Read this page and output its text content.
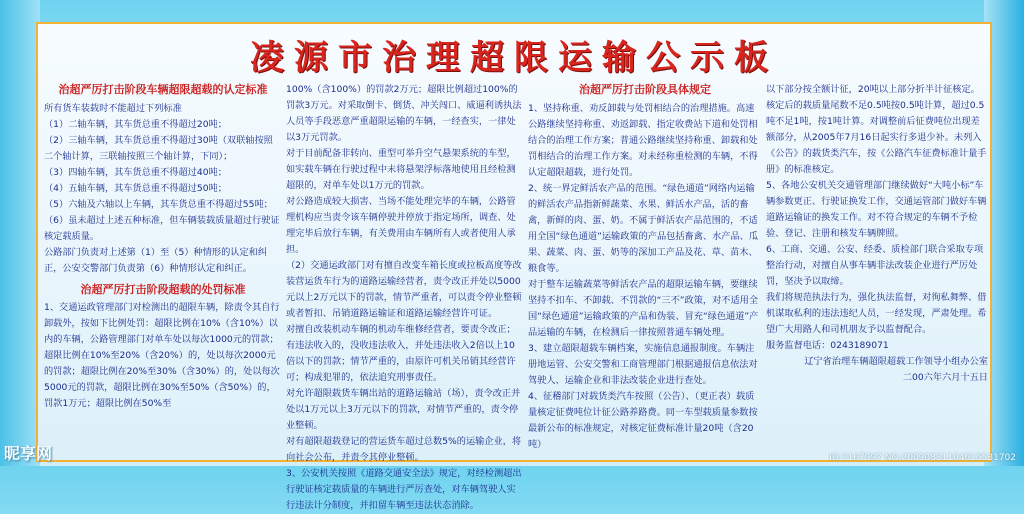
凌源市治理超限运输公示板
治超严厉打击阶段车辆超限超载的认定标准

所有货车装载时不能超过下列标准

（1）二轴车辆，其车货总重不得超过20吨；

（2）三轴车辆，其车货总重不得超过30吨（双联轴按照二个轴计算，三联轴按照三个轴计算，下同）；

（3）四轴车辆，其车货总重不得超过40吨；

（4）五轴车辆，其车货总重不得超过50吨；

（5）六轴及六轴以上车辆，其车货总重不得超过55吨；

（6）虽未超过上述五种标准，但车辆装载质量超过行驶证核定载质量。

公路部门负责对上述第（1）至（5）种情形的认定和纠正，公安交警部门负责第（6）种情形认定和纠正。

治超严厉打击阶段超载的处罚标准

1、交通运政管理部门对检测出的超限车辆，除责令其自行卸载外，按如下比例处罚：超限比例在10%（含10%）以内的车辆，公路管理部门对单车处以每次1000元的罚款；超限比例在10%至20%（含20%）的，处以每次2000元的罚款；超限比例在20%至30%（含30%）的，处以每次5000元的罚款，超限比例在30%至50%（含50%）的，罚款1万元；超限比例在50%至

100%（含100%）的罚款2万元；超限比例超过100%的罚款3万元。对采取倒卡、倒货、冲关闯口、威逼利诱执法人员等手段恶意严重超限运输的车辆，一经查实，一律处以3万元罚款。

对于目前配备非转向、重型可举升空气悬架系统的车型，如实载车辆在行驶过程中未将悬架浮标落地使用且经检测超限的，对单车处以1万元的罚款。

对公路造成较大损害、当场不能处理完毕的车辆，公路管理机构应当责令该车辆停驶并停放于指定场所，调查、处理完毕后放行车辆，有关费用由车辆所有人或者使用人承担。

（2）交通运政部门对有擅自改变车箱长度或拉板高度等改装营运货车行为的道路运输经营者，责令改正并处以5000元以上2万元以下的罚款，情节严重者，可以责令停业整顿或者暂扣、吊销道路运输证和道路运输经营许可证。

对擅自改装机动车辆的机动车维修经营者，要责令改正；有违法收入的，没收违法收入，并处违法收入2倍以上10倍以下的罚款；情节严重的，由原许可机关吊销其经营许可；构成犯罪的，依法追究刑事责任。

对允许超限载货车辆出站的道路运输站（场），责令改正并处以1万元以上3万元以下的罚款，对情节严重的，责令停业整顿。

对有超限超载登记的营运货车超过总数5%的运输企业，将向社会公布，并责令其停业整顿。

3、公安机关按照《道路交通安全法》规定，对经检测超出行驶证核定载质量的车辆进行严厉查处，对车辆驾驶人实行违法计分制度，并扣留车辆至违法状态消除。

治超严厉打击阶段具体规定

1、坚持称重、劝反卸载与处罚相结合的治理措施。高速公路继续坚持称重、劝返卸载、指定收费站下道和处罚相结合的治理工作方案；普通公路继续坚持称重、卸载和处罚相结合的治理工作方案。对未经称重检测的车辆，不得认定超限超载，进行处罚。

2、统一界定鲜活农产品的范围。“绿色通道”网络内运输的鲜活农产品指新鲜蔬菜、水果、鲜活水产品，活的畜禽，新鲜的肉、蛋、奶。不属于鲜活农产品范围的，不适用全国“绿色通道”运输政策的产品包括畜禽、水产品、瓜果、蔬菜、肉、蛋、奶等的深加工产品及花、草、苗木、粮食等。

对于整车运输蔬菜等鲜活农产品的超限运输车辆，要继续坚持不扣车、不卸载、不罚款的“三不”政策，对不适用全国“绿色通道”运输政策的产品和伪装、冒充“绿色通道”产品运输的车辆，在检测后一律按照普通车辆处理。

3、建立超限超载车辆档案，实施信息通报制度。车辆注册地运管、公安交警和工商管理部门根据通报信息依法对驾驶人、运输企业和非法改装企业进行查处。

4、征稽部门对载货类汽车按照（公告）、（更正表）载质量核定征费吨位计征公路养路费。同一车型载质量参数按最新公布的标准规定，对核定征费标准计量20吨（含20吨）

以下部分按全额计征，20吨以上部分折半计征核定。核定后的载质量尾数不足0.5吨按0.5吨计算，超过0.5吨不足1吨，按1吨计算。对调整前后征费吨位出现差额部分，从2005年7月16日起实行多退少补。未列入《公告》的载货类汽车，按《公路汽车征费标准计量手册》的标准核定。

5、各地公安机关交通管理部门继续做好“大吨小标”车辆参数更正、行驶证换发工作，交通运管部门做好车辆道路运输证的换发工作。对不符合规定的车辆不予检验、登记、注册和核发车辆牌照。

6、工商、交通、公安、经委、质检部门联合采取专项整治行动，对擅自从事车辆非法改装企业进行严厉处罚，坚决予以取缔。

我们将规范执法行为，强化执法监督，对徇私舞弊、借机谋取私利的违法违纪人员，一经发现，严肃处理。希望广大用路人和司机朋友予以监督配合。

服务监督电话：0243189071

辽宁省治理车辆超限超载工作领导小组办公室

二00六年六月十五日

昵享网	ID:2167997 NO:20090831104615531702
